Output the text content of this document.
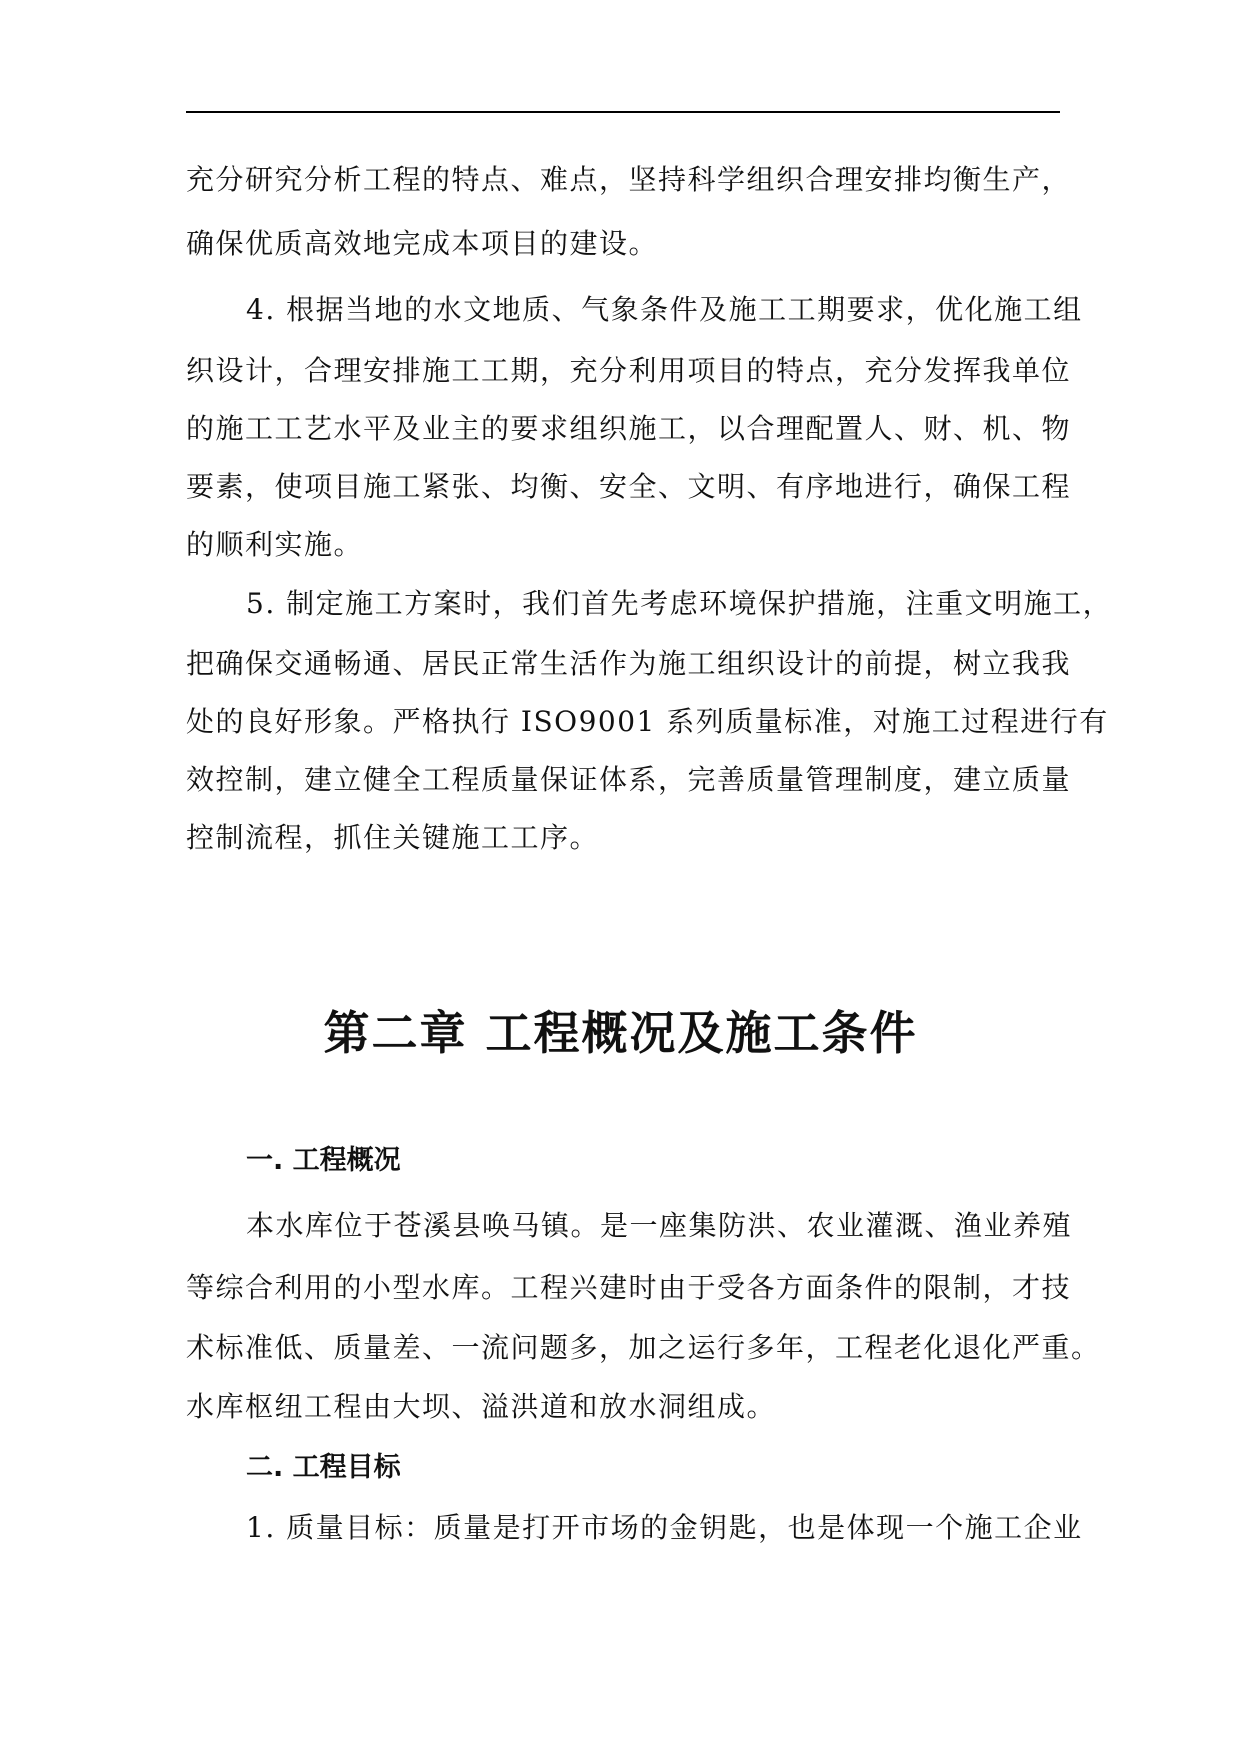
充分研究分析工程的特点、难点，坚持科学组织合理安排均衡生产，
确保优质高效地完成本项目的建设。
4. 根据当地的水文地质、气象条件及施工工期要求，优化施工组
织设计，合理安排施工工期，充分利用项目的特点，充分发挥我单位
的施工工艺水平及业主的要求组织施工，以合理配置人、财、机、物
要素，使项目施工紧张、均衡、安全、文明、有序地进行，确保工程
的顺利实施。
5. 制定施工方案时，我们首先考虑环境保护措施，注重文明施工，
把确保交通畅通、居民正常生活作为施工组织设计的前提，树立我我
处的良好形象。严格执行 ISO9001 系列质量标准，对施工过程进行有
效控制，建立健全工程质量保证体系，完善质量管理制度，建立质量
控制流程，抓住关键施工工序。
第二章 工程概况及施工条件
一. 工程概况
本水库位于苍溪县唤马镇。是一座集防洪、农业灌溉、渔业养殖
等综合利用的小型水库。工程兴建时由于受各方面条件的限制，才技
术标准低、质量差、一流问题多，加之运行多年，工程老化退化严重。
水库枢纽工程由大坝、溢洪道和放水洞组成。
二. 工程目标
1. 质量目标：质量是打开市场的金钥匙，也是体现一个施工企业
